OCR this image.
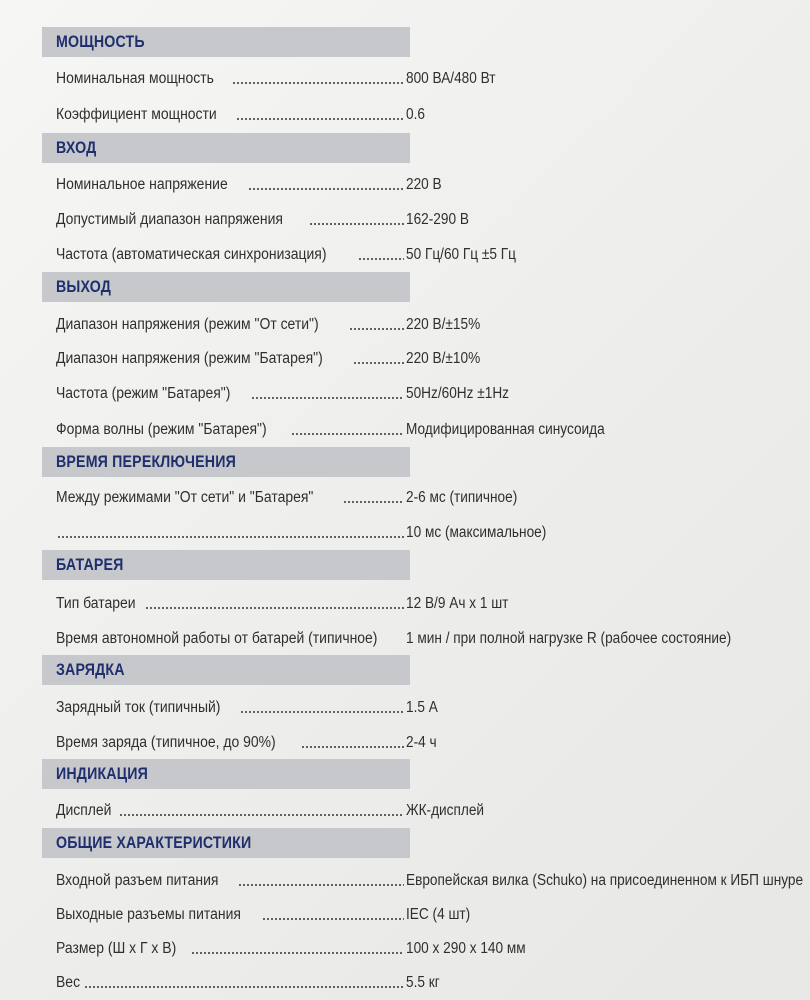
МОЩНОСТЬ
Номинальная мощность	800 ВА/480 Вт
Коэффициент мощности	0.6
ВХОД
Номинальное напряжение	220 В
Допустимый диапазон напряжения	162-290 В
Частота (автоматическая синхронизация)	50 Гц/60 Гц ±5 Гц
ВЫХОД
Диапазон напряжения (режим "От сети")	220 В/±15%
Диапазон напряжения (режим "Батарея")	220 В/±10%
Частота (режим "Батарея")	50Hz/60Hz ±1Hz
Форма волны (режим "Батарея")	Модифицированная синусоида
ВРЕМЯ ПЕРЕКЛЮЧЕНИЯ
Между режимами "От сети" и "Батарея"	2-6 мс (типичное)
10 мс (максимальное)
БАТАРЕЯ
Тип батареи	12 В/9 Ач x 1 шт
Время автономной работы от батарей (типичное) 1 мин / при полной нагрузке R (рабочее состояние)
ЗАРЯДКА
Зарядный ток (типичный)	1.5 А
Время заряда (типичное, до 90%)	2-4 ч
ИНДИКАЦИЯ
Дисплей	ЖК-дисплей
ОБЩИЕ ХАРАКТЕРИСТИКИ
Входной разъем питания	Европейская вилка (Schuko) на присоединенном к ИБП шнуре
Выходные разъемы питания	IEC (4 шт)
Размер (Ш х Г х В)	100 x 290 x 140 мм
Вес	5.5 кг
